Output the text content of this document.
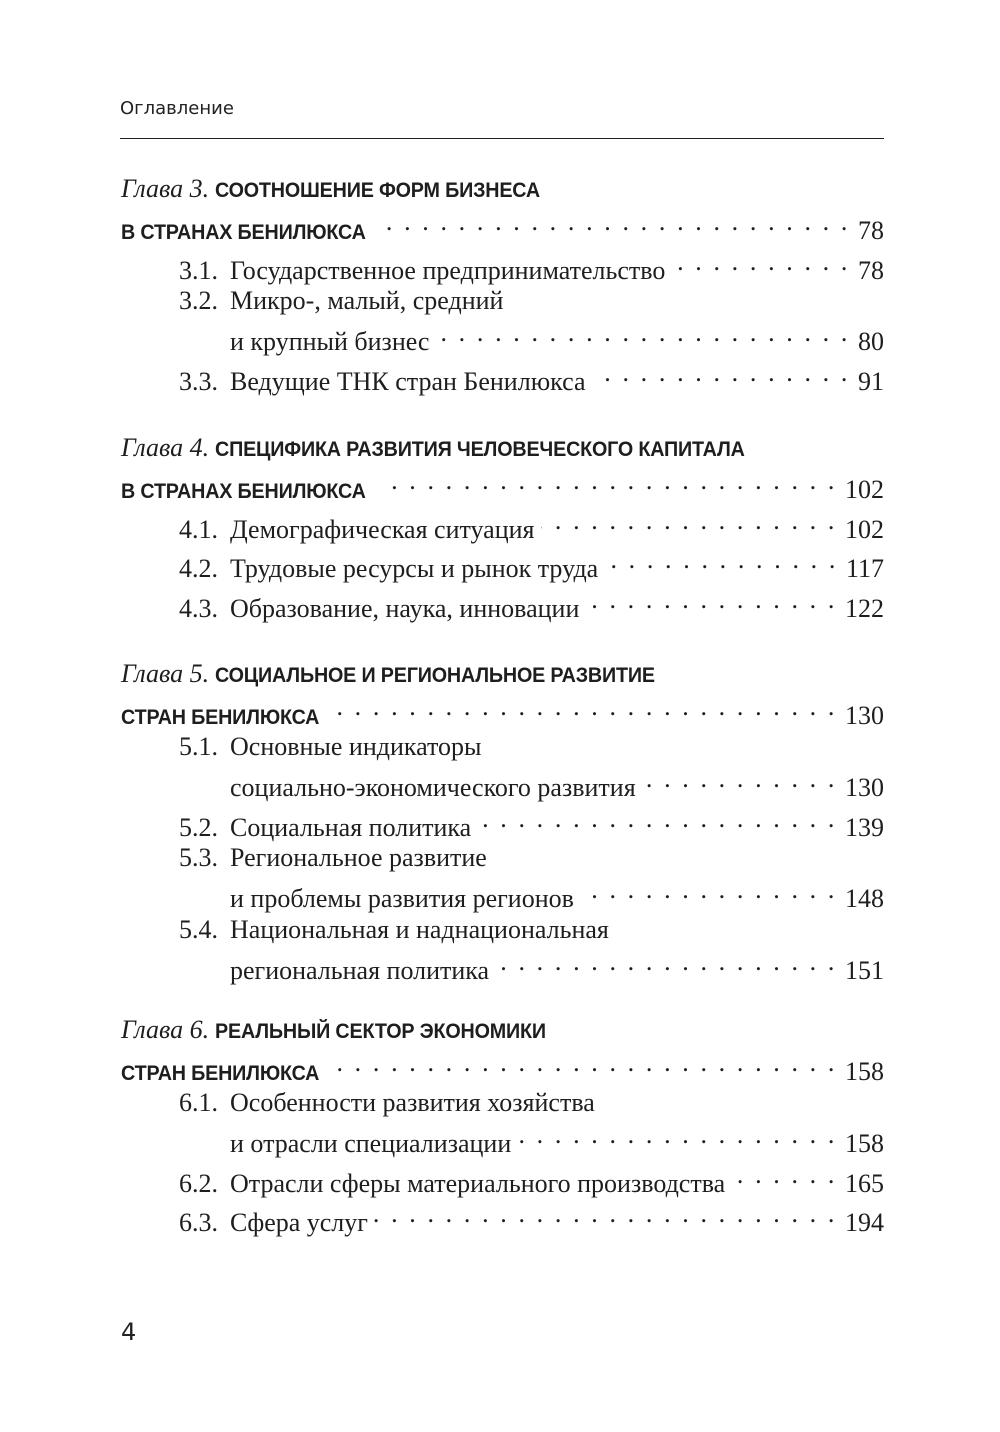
Оглавление
Глава 3. СООТНОШЕНИЕ ФОРМ БИЗНЕСА
В СТРАНАХ БЕНИЛЮКСА . . .	78
3.1. Государственное предпринимательство . . .	78
3.2. Микро-, малый, средний
и крупный бизнес . . .	80
3.3. Ведущие ТНК стран Бенилюкса . . .	91
Глава 4. СПЕЦИФИКА РАЗВИТИЯ ЧЕЛОВЕЧЕСКОГО КАПИТАЛА
В СТРАНАХ БЕНИЛЮКСА . . .	102
4.1. Демографическая ситуация . . .	102
4.2. Трудовые ресурсы и рынок труда . . .	117
4.3. Образование, наука, инновации . . .	122
Глава 5. СОЦИАЛЬНОЕ И РЕГИОНАЛЬНОЕ РАЗВИТИЕ
СТРАН БЕНИЛЮКСА . . .	130
5.1. Основные индикаторы
социально-экономического развития . . .	130
5.2. Социальная политика . . .	139
5.3. Региональное развитие
и проблемы развития регионов . . .	148
5.4. Национальная и наднациональная
региональная политика . . .	151
Глава 6. РЕАЛЬНЫЙ СЕКТОР ЭКОНОМИКИ
СТРАН БЕНИЛЮКСА . . .	158
6.1. Особенности развития хозяйства
и отрасли специализации . . .	158
6.2. Отрасли сферы материального производства . . .	165
6.3. Сфера услуг . . .	194
4
